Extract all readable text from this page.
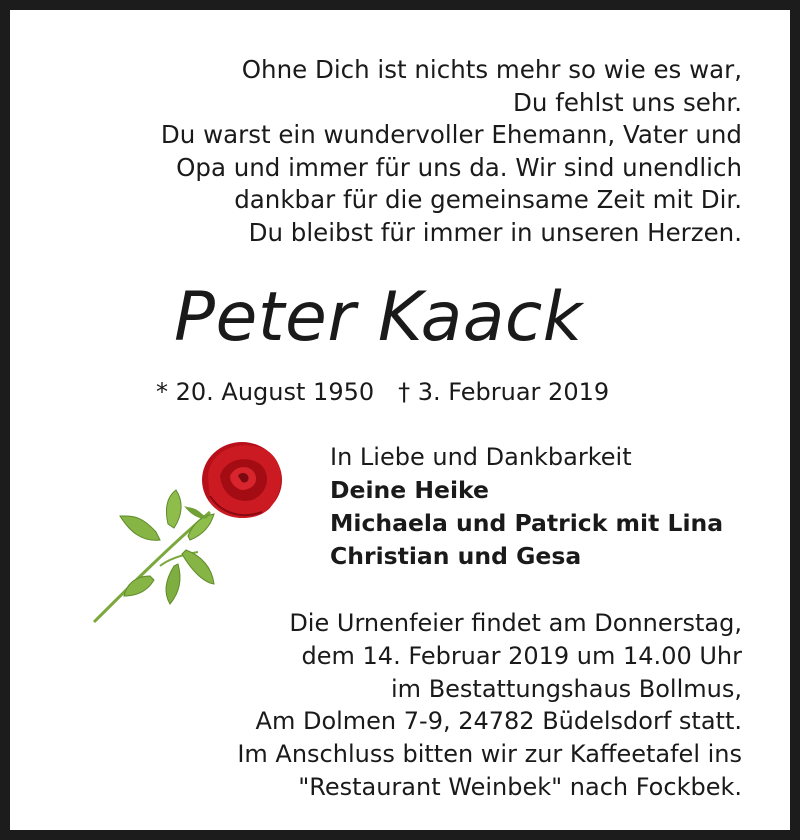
Ohne Dich ist nichts mehr so wie es war,
Du fehlst uns sehr.
Du warst ein wundervoller Ehemann, Vater und
Opa und immer für uns da. Wir sind unendlich
dankbar für die gemeinsame Zeit mit Dir.
Du bleibst für immer in unseren Herzen.
Peter Kaack
* 20. August 1950 † 3. Februar 2019
In Liebe und Dankbarkeit
Deine Heike
Michaela und Patrick mit Lina
Christian und Gesa
Die Urnenfeier findet am Donnerstag,
dem 14. Februar 2019 um 14.00 Uhr
im Bestattungshaus Bollmus,
Am Dolmen 7-9, 24782 Büdelsdorf statt.
Im Anschluss bitten wir zur Kaffeetafel ins
"Restaurant Weinbek" nach Fockbek.
